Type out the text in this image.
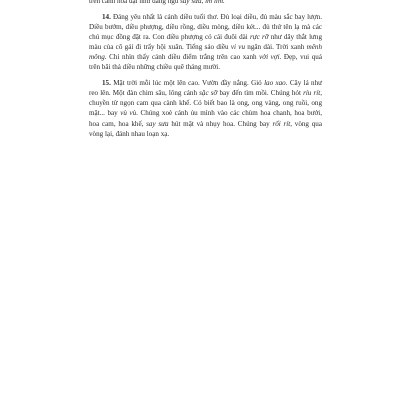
trên cành hoa dại như đang ngủ say sưa, im lìm.

14. Đáng yêu nhất là cánh diều tuổi thơ. Đủ loại diều, đủ màu sắc bay lượn. Diều bướm, diều phượng, diều rồng, diều mòng, diều két... đủ thứ tên lạ mà các chú mục đồng đặt ra. Con diều phượng có cái đuôi dài rực rỡ như dây thắt lưng màu của cô gái đi trẩy hội xuân. Tiếng sáo diều vi vu ngân dài. Trời xanh mênh mông. Chỉ nhìn thấy cánh diều điểm trắng trên cao xanh vời vợi. Đẹp, vui quá trên bãi thả diều những chiều quê tháng mười.

15. Mặt trời mỗi lúc một lên cao. Vườn đầy nắng. Gió lao xao. Cây lá như reo lên. Một đàn chim sâu, lông cánh sặc sỡ bay đến tìm mồi. Chúng hót ríu rít, chuyền từ ngọn cam qua cành khế. Có biết bao là ong, ong vàng, ong ruồi, ong mật... bay vù vù. Chúng xoè cánh ủu mình vào các chùm hoa chanh, hoa bưởi, hoa cam, hoa khế, say sưa hút mật và nhụy hoa. Chúng bay rối rít, vòng qua vòng lại, đánh nhau loạn xạ.
